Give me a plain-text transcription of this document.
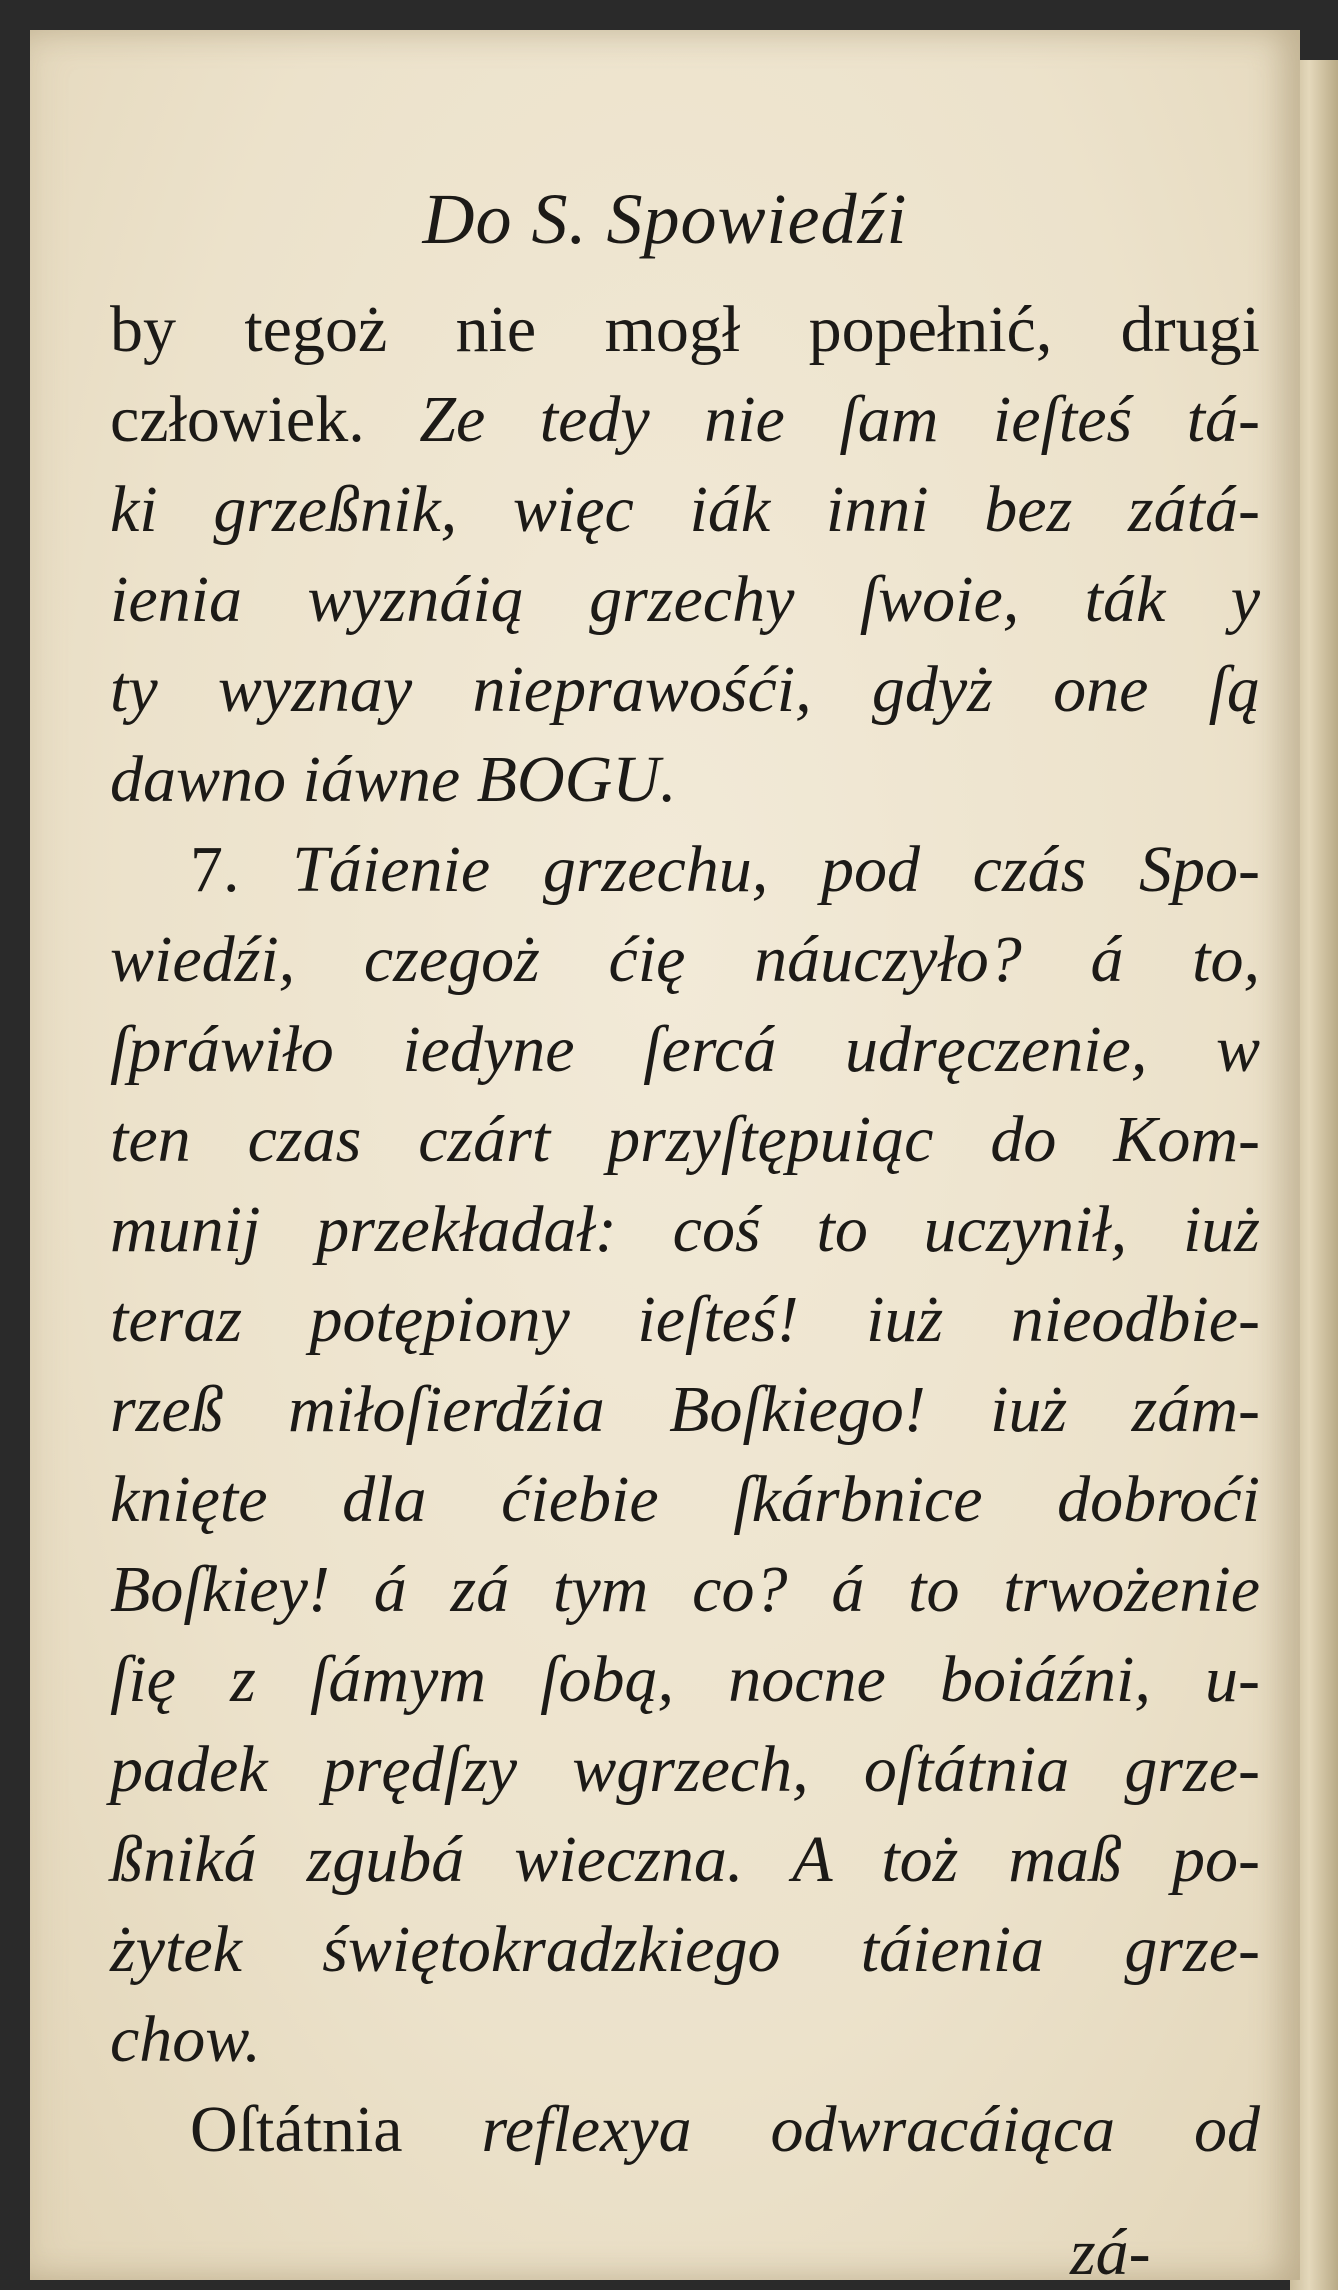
Do S. Spowiedźi
by tegoż nie mogł popełnić, drugi
człowiek. Ze tedy nie ſam ieſteś tá-
ki grzeßnik, więc iák inni bez zátá-
ienia wyznáią grzechy ſwoie, ták y
ty wyznay nieprawośći, gdyż one ſą
dawno iáwne BOGU.
7. Táienie grzechu, pod czás Spo-
wiedźi, czegoż ćię náuczyło? á to,
ſpráwiło iedyne ſercá udręczenie, w
ten czas czárt przyſtępuiąc do Kom-
munij przekładał: coś to uczynił, iuż
teraz potępiony ieſteś! iuż nieodbie-
rzeß miłoſierdźia Boſkiego! iuż zám-
knięte dla ćiebie ſkárbnice dobroći
Boſkiey! á zá tym co? á to trwożenie
ſię z ſámym ſobą, nocne boiáźni, u-
padek prędſzy wgrzech, oſtátnia grze-
ßniká zgubá wieczna. A toż maß po-
żytek świętokradzkiego táienia grze-
chow.
Oſtátnia reflexya odwracáiąca od
zá-
